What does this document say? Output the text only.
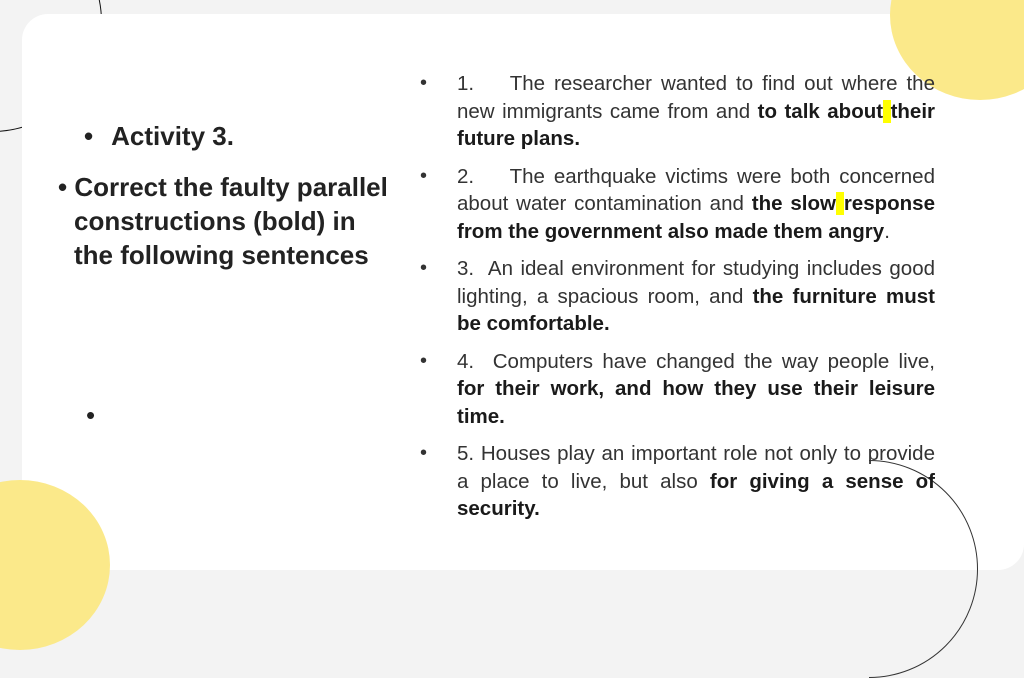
• Activity 3.
• Correct the faulty parallel constructions (bold) in the following sentences
•
• 1. The researcher wanted to find out where the new immigrants came from and to talk about their future plans.

• 2. The earthquake victims were both concerned about water contamination and the slow response from the government also made them angry.

• 3. An ideal environment for studying includes good lighting, a spacious room, and the furniture must be comfortable.

• 4. Computers have changed the way people live, for their work, and how they use their leisure time.

• 5. Houses play an important role not only to provide a place to live, but also for giving a sense of security.
